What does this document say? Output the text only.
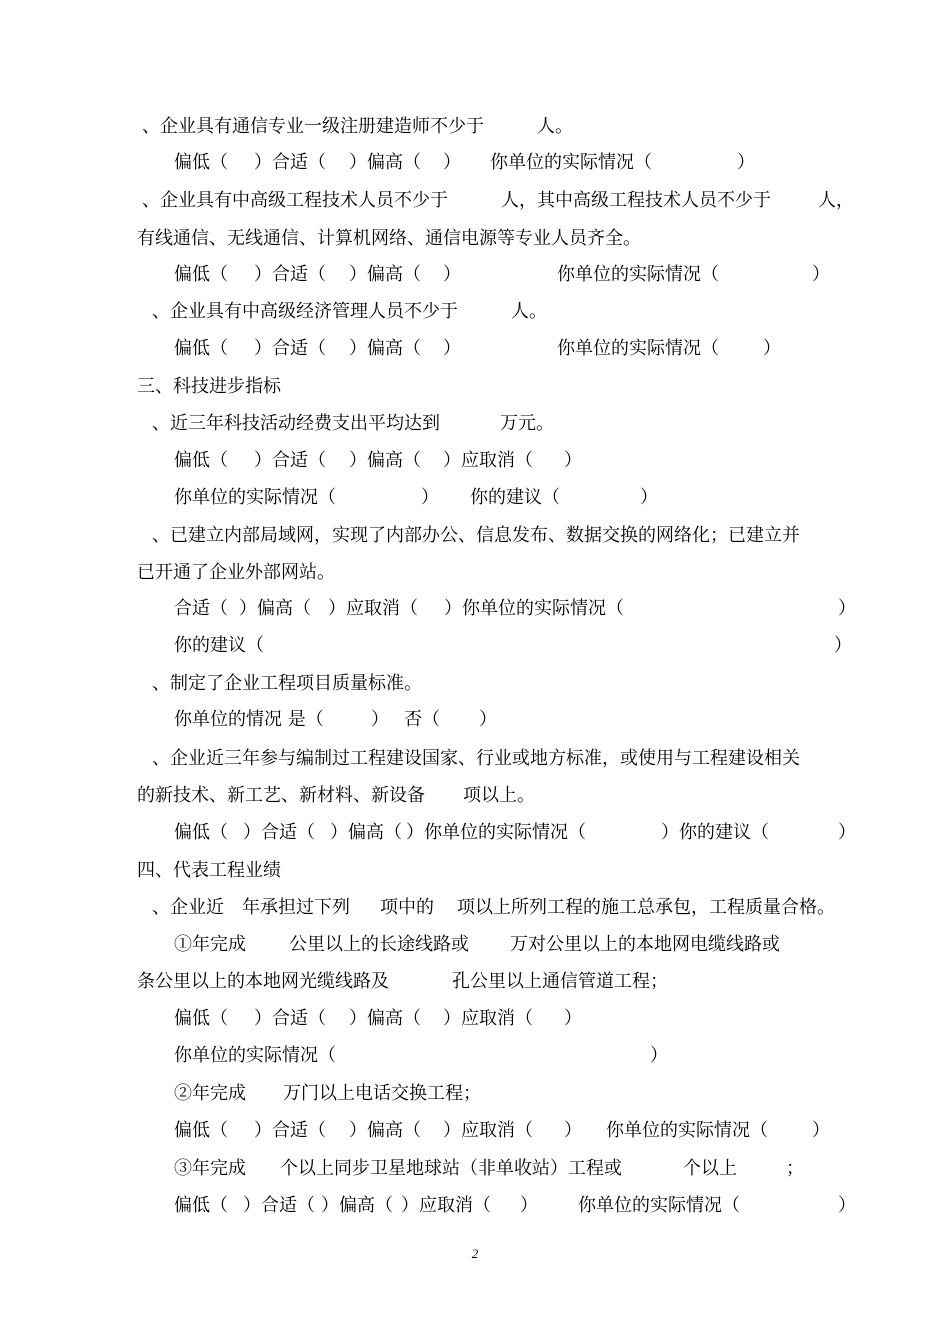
、企业具有通信专业一级注册建造师不少于	人。
偏低（ ）合适（ ）偏高（ ） 你单位的实际情况（	）
、企业具有中高级工程技术人员不少于	人，其中高级工程技术人员不少于	人，
有线通信、无线通信、计算机网络、通信电源等专业人员齐全。
偏低（ ）合适（ ）偏高（ ）	你单位的实际情况（	）
、企业具有中高级经济管理人员不少于	人。
偏低（ ）合适（ ）偏高（ ）	你单位的实际情况（ ）
三、科技进步指标
、近三年科技活动经费支出平均达到	万元。
偏低（ ）合适（ ）偏高（ ）应取消（ ）
你单位的实际情况（	） 你的建议（	）
、已建立内部局域网，实现了内部办公、信息发布、数据交换的网络化；已建立并
已开通了企业外部网站。
合适（ ）偏高（ ）应取消（ ）你单位的实际情况（	）
你的建议（	）
、制定了企业工程项目质量标准。
你单位的情况 是（	） 否（ ）
、企业近三年参与编制过工程建设国家、行业或地方标准，或使用与工程建设相关
的新技术、新工艺、新材料、新设备 项以上。
偏低（ ）合适（ ）偏高（ ）你单位的实际情况（	）你的建议（	）
四、代表工程业绩
、企业近 年承担过下列 项中的 项以上所列工程的施工总承包，工程质量合格。
①年完成 公里以上的长途线路或 万对公里以上的本地网电缆线路或
条公里以上的本地网光缆线路及	孔公里以上通信管道工程；
偏低（ ）合适（ ）偏高（ ）应取消（ ）
你单位的实际情况（	）
②年完成 万门以上电话交换工程；
偏低（ ）合适（ ）偏高（ ）应取消（ ） 你单位的实际情况（ ）
③年完成 个以上同步卫星地球站（非单收站）工程或	个以上	；
偏低（ ）合适（ ）偏高（ ）应取消（ ） 你单位的实际情况（	）
2
